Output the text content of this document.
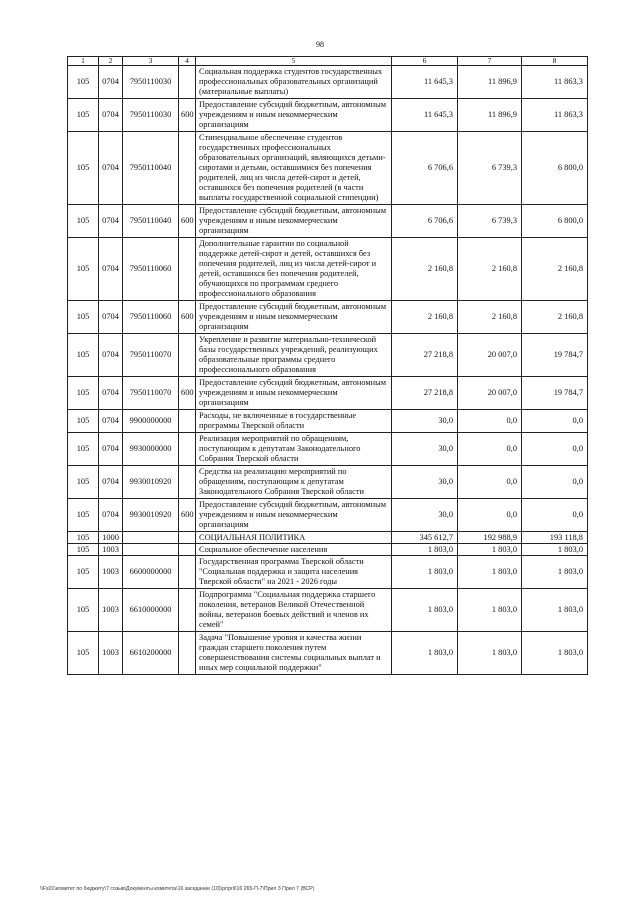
98
1	2	3	4	5	6	7	8
105	0704	7950110030		Социальная поддержка студентов государственных профессиональных образовательных организаций (материальные выплаты)	11 645,3	11 896,9	11 863,3
105	0704	7950110030	600	Предоставление субсидий бюджетным, автономным учреждениям и иным некоммерческим организациям	11 645,3	11 896,9	11 863,3
105	0704	7950110040		Стипендиальное обеспечение студентов государственных профессиональных образовательных организаций, являющихся детьми-сиротами и детьми, оставшимися без попечения родителей, лиц из числа детей-сирот и детей, оставшихся без попечения родителей (в части выплаты государственной социальной стипендии)	6 706,6	6 739,3	6 800,0
105	0704	7950110040	600	Предоставление субсидий бюджетным, автономным учреждениям и иным некоммерческим организациям	6 706,6	6 739,3	6 800,0
105	0704	7950110060		Дополнительные гарантии по социальной поддержке детей-сирот и детей, оставшихся без попечения родителей, лиц из числа детей-сирот и детей, оставшихся без попечения родителей, обучающихся по программам среднего профессионального образования	2 160,8	2 160,8	2 160,8
105	0704	7950110060	600	Предоставление субсидий бюджетным, автономным учреждениям и иным некоммерческим организациям	2 160,8	2 160,8	2 160,8
105	0704	7950110070		Укрепление и развитие материально-технической базы государственных учреждений, реализующих образовательные программы среднего профессионального образования	27 218,8	20 007,0	19 784,7
105	0704	7950110070	600	Предоставление субсидий бюджетным, автономным учреждениям и иным некоммерческим организациям	27 218,8	20 007,0	19 784,7
105	0704	9900000000		Расходы, не включенные в государственные программы Тверской области	30,0	0,0	0,0
105	0704	9930000000		Реализация мероприятий по обращениям, поступающим к депутатам Законодательного Собрания Тверской области	30,0	0,0	0,0
105	0704	9930010920		Средства на реализацию мероприятий по обращениям, поступающим к депутатам Законодательного Собрания Тверской области	30,0	0,0	0,0
105	0704	9930010920	600	Предоставление субсидий бюджетным, автономным учреждениям и иным некоммерческим организациям	30,0	0,0	0,0
105	1000			СОЦИАЛЬНАЯ ПОЛИТИКА	345 612,7	192 988,9	193 118,8
105	1003			Социальное обеспечение населения	1 803,0	1 803,0	1 803,0
105	1003	6600000000		Государственная программа Тверской области "Социальная поддержка и защита населения Тверской области" на 2021 - 2026 годы	1 803,0	1 803,0	1 803,0
105	1003	6610000000		Подпрограмма "Социальная поддержка старшего поколения, ветеранов Великой Отечественной войны, ветеранов боевых действий и членов их семей"	1 803,0	1 803,0	1 803,0
105	1003	6610200000		Задача "Повышение уровня и качества жизни граждан старшего поколения путем совершенствования системы социальных выплат и иных мер социальной поддержки"	1 803,0	1 803,0	1 803,0
\\Fs01\комитет по бюджету\7 созыв\Документы комитета\16 заседание (10)\pr\pril\16 265-П-7\Прил 3 Прил 7 (ВСР)
